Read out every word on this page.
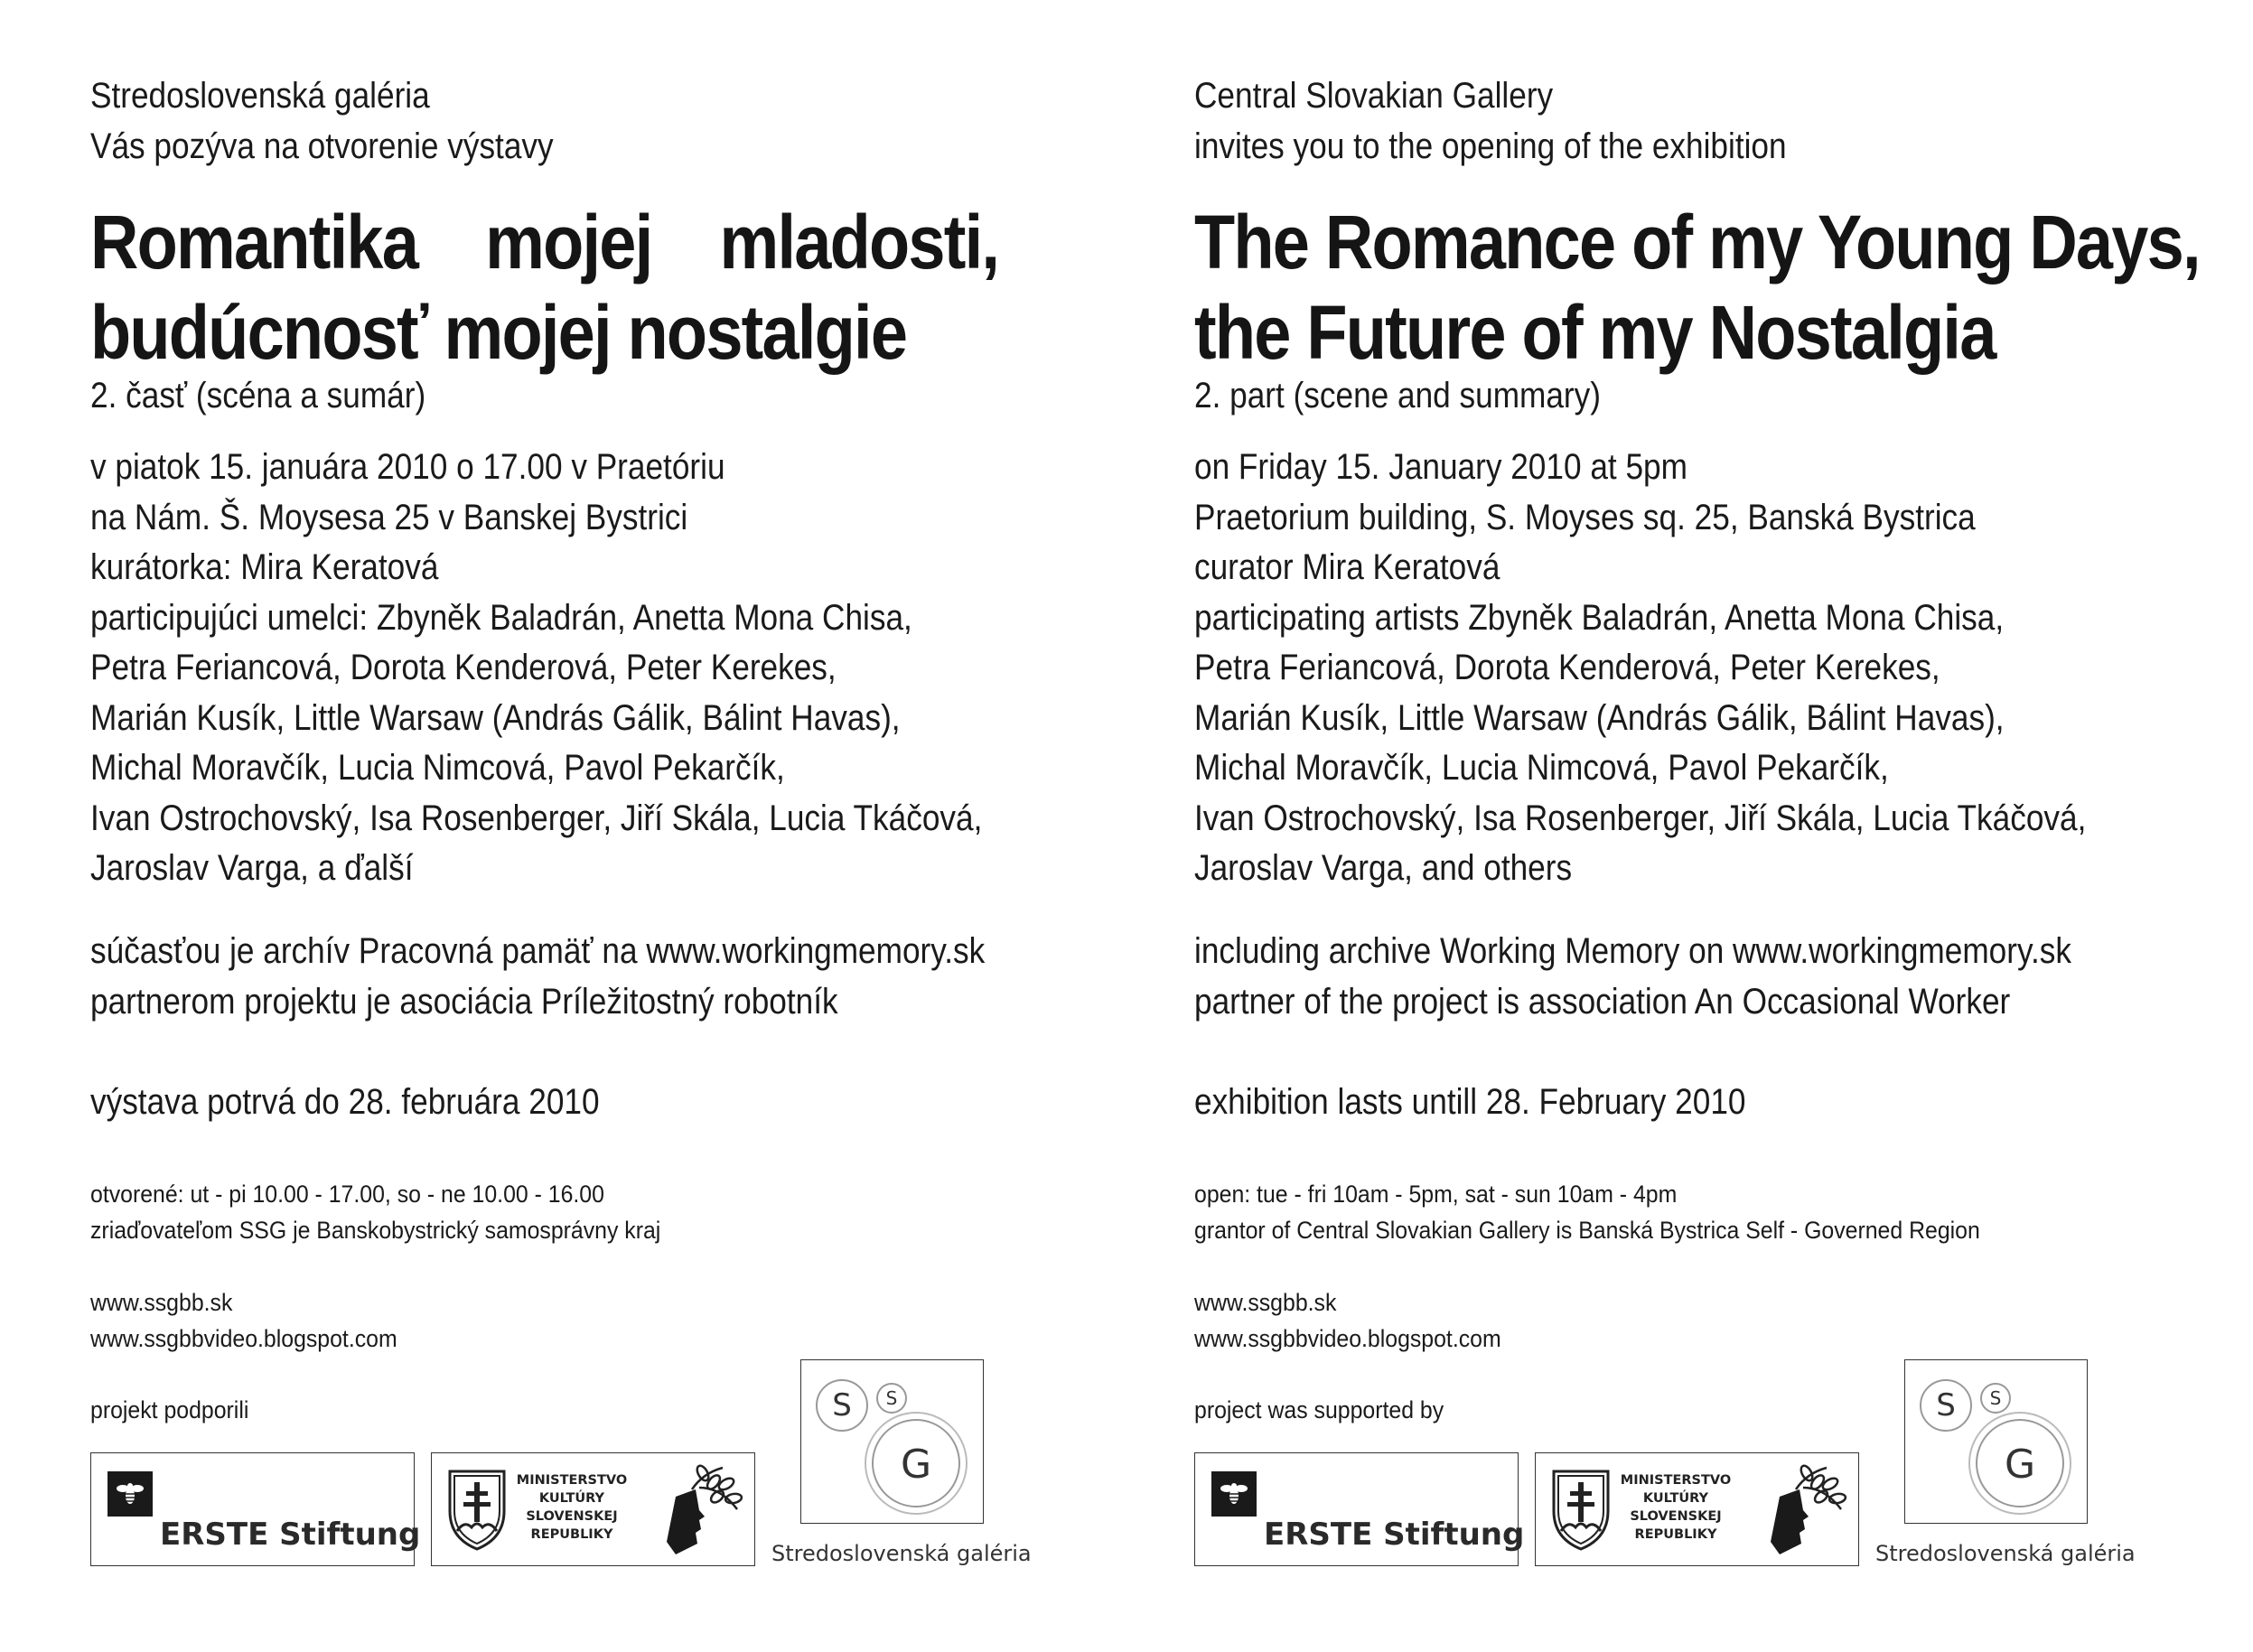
Stredoslovenská galéria
Vás pozýva na otvorenie výstavy
Romantika    mojej    mladosti,
budúcnosť mojej nostalgie
2. časť (scéna a sumár)
v piatok 15. januára 2010 o 17.00 v Praetóriu
na Nám. Š. Moysesa 25 v Banskej Bystrici
kurátorka: Mira Keratová
participujúci umelci: Zbyněk Baladrán, Anetta Mona Chisa,
Petra Feriancová, Dorota Kenderová, Peter Kerekes,
Marián Kusík, Little Warsaw (András Gálik, Bálint Havas),
Michal Moravčík, Lucia Nimcová, Pavol Pekarčík,
Ivan Ostrochovský, Isa Rosenberger, Jiří Skála, Lucia Tkáčová,
Jaroslav Varga, a ďalší
súčasťou je archív Pracovná pamäť na www.workingmemory.sk
partnerom projektu je asociácia Príležitostný robotník
výstava potrvá do 28. februára 2010
otvorené: ut - pi 10.00 - 17.00, so - ne 10.00 - 16.00
zriaďovateľom SSG je Banskobystrický samosprávny kraj
www.ssgbb.sk
www.ssgbbvideo.blogspot.com
projekt podporili
ERSTE Stiftung
MINISTERSTVO
KULTÚRY
SLOVENSKEJ
REPUBLIKY
S S
G
Stredoslovenská galéria
Central Slovakian Gallery
invites you to the opening of the exhibition
The Romance of my Young Days,
the Future of my Nostalgia
2. part (scene and summary)
on Friday 15. January 2010 at 5pm
Praetorium building, S. Moyses sq. 25, Banská Bystrica
curator Mira Keratová
participating artists Zbyněk Baladrán, Anetta Mona Chisa,
Petra Feriancová, Dorota Kenderová, Peter Kerekes,
Marián Kusík, Little Warsaw (András Gálik, Bálint Havas),
Michal Moravčík, Lucia Nimcová, Pavol Pekarčík,
Ivan Ostrochovský, Isa Rosenberger, Jiří Skála, Lucia Tkáčová,
Jaroslav Varga, and others
including archive Working Memory on www.workingmemory.sk
partner of the project is association An Occasional Worker
exhibition lasts untill 28. February 2010
open: tue - fri 10am - 5pm, sat - sun 10am - 4pm
grantor of Central Slovakian Gallery is Banská Bystrica Self - Governed Region
www.ssgbb.sk
www.ssgbbvideo.blogspot.com
project was supported by
ERSTE Stiftung
MINISTERSTVO
KULTÚRY
SLOVENSKEJ
REPUBLIKY
S S
G
Stredoslovenská galéria
